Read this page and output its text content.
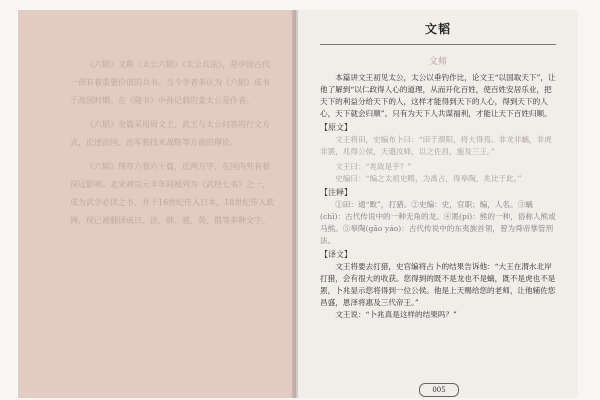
《六韬》又称《太公六韬》《太公兵法》，是中国古代一部有着重要价值的兵书。当今学者多认为《六韬》成书于战国时期。在《隋书》中孙记载的姜太公是作者。

《六韬》全篇采用周文王、武王与太公问答的行文方式，论述治国、治军和技术战略等方面的理论。

《六韬》现存六卷六十篇，近两万字，在国内外有着深远影响。北宋神宗元丰年间被列为《武经七书》之一，成为武学必读之书，并于16世纪传入日本，18世纪传入欧洲，现已被翻译成日、法、韩、越、英、俄等多种文字。

文韬
文师

本篇讲文王初见太公，太公以垂钓作比，论文王“以国取天下”，让他了解到“以仁政得人心的道理，从而开化百姓，使百姓安居乐业，把天下的利益分给天下的人，这样才能得到天下的人心，得到天下的人心，天下就会归顺”。只有为天下人共谋福利，才能让天下百姓归顺。

【原文】

文王将田，史编布卜曰：“田于渭阳，将大得焉。非龙非螭，非虎非罴，兆得公侯，天遗汝师，以之佐昌，施及三王。”

文王曰：“兆致是乎？”

史编曰：“编之太祖史畴，为禹占，得皋陶，兆比于此。”

【注释】

①田：通“畋”，打猎。②史编：史，官职；编，人名。③螭(chī)：古代传说中的一种无角的龙。④罴(pí)：熊的一种，俗称人熊或马熊。⑤皋陶(gāo yáo)：古代传说中的东夷族首领，曾为舜帝掌管刑法。

【译文】

文王将要去打猎，史官编将占卜的结果告诉他：“大王在渭水北岸打猎，会有很大的收获。您得到的既不是龙也不是螭，既不是虎也不是罴，卜兆显示您将得到一位公侯。他是上天赐给您的老师，让他辅佐您昌盛，恩泽将惠及三代帝王。”

文王说：“卜兆真是这样的结果吗？”

005
